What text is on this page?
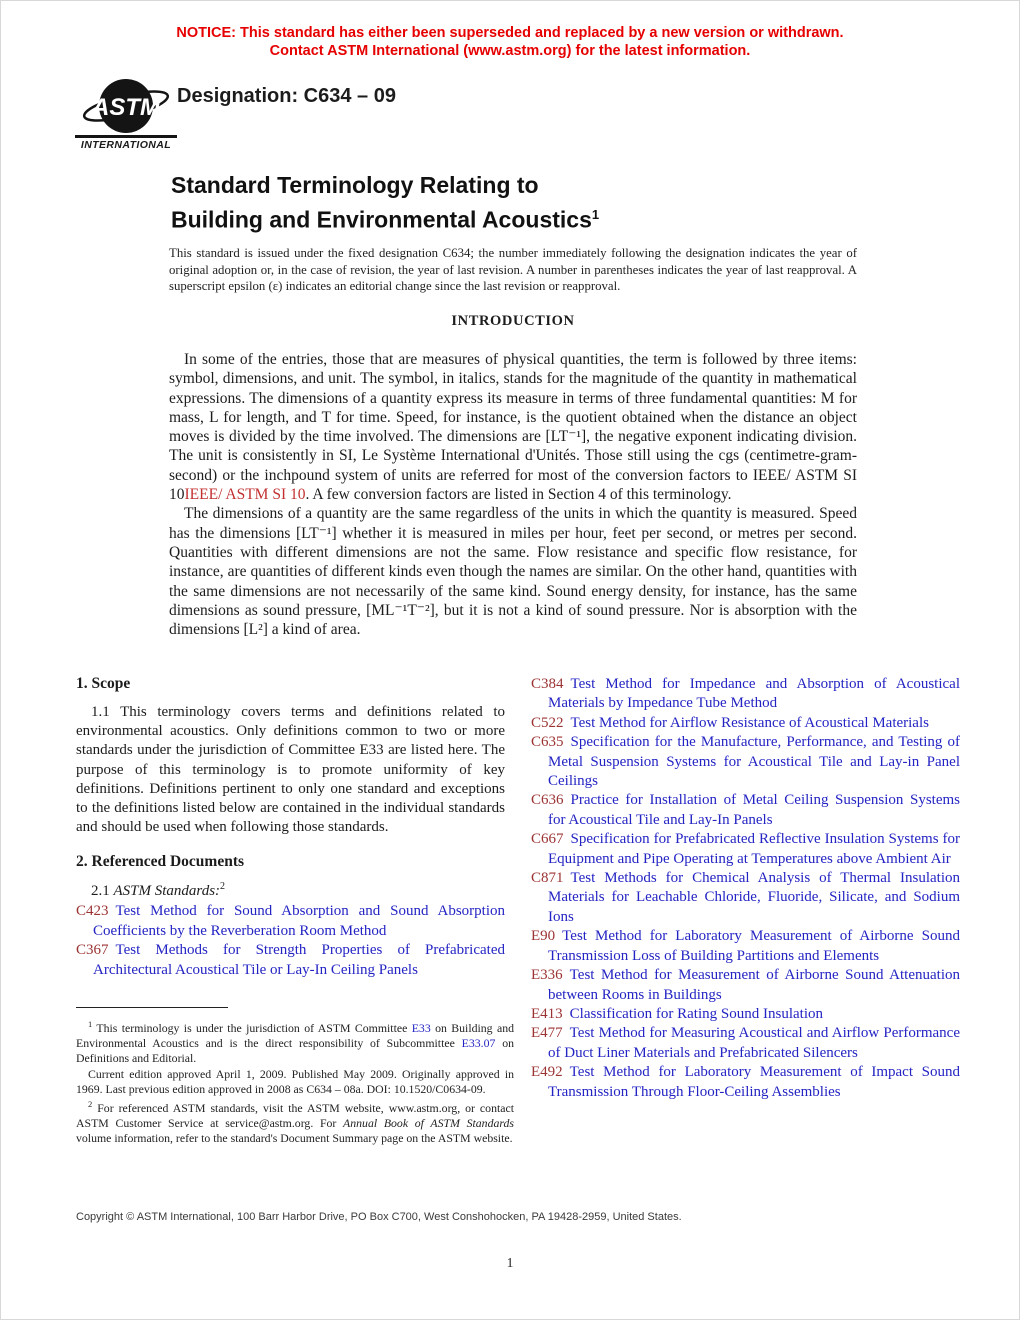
NOTICE: This standard has either been superseded and replaced by a new version or withdrawn.
Contact ASTM International (www.astm.org) for the latest information.
ASTM
INTERNATIONAL
Designation: C634 – 09
Standard Terminology Relating to
Building and Environmental Acoustics$^1$
This standard is issued under the fixed designation C634; the number immediately following the designation indicates the year of original adoption or, in the case of revision, the year of last revision. A number in parentheses indicates the year of last reapproval. A superscript epsilon (ε) indicates an editorial change since the last revision or reapproval.
INTRODUCTION

In some of the entries, those that are measures of physical quantities, the term is followed by three items: symbol, dimensions, and unit. The symbol, in italics, stands for the magnitude of the quantity in mathematical expressions. The dimensions of a quantity express its measure in terms of three fundamental quantities: M for mass, L for length, and T for time. Speed, for instance, is the quotient obtained when the distance an object moves is divided by the time involved. The dimensions are [LT⁻¹], the negative exponent indicating division. The unit is consistently in SI, Le Système International d'Unités. Those still using the cgs (centimetre-gram-second) or the inchpound system of units are referred for most of the conversion factors to IEEE/ ASTM SI 10IEEE/ ASTM SI 10. A few conversion factors are listed in Section 4 of this terminology.

The dimensions of a quantity are the same regardless of the units in which the quantity is measured. Speed has the dimensions [LT⁻¹] whether it is measured in miles per hour, feet per second, or metres per second. Quantities with different dimensions are not the same. Flow resistance and specific flow resistance, for instance, are quantities of different kinds even though the names are similar. On the other hand, quantities with the same dimensions are not necessarily of the same kind. Sound energy density, for instance, has the same dimensions as sound pressure, [ML⁻¹T⁻²], but it is not a kind of sound pressure. Nor is absorption with the dimensions [L²] a kind of area.

1. Scope

1.1 This terminology covers terms and definitions related to environmental acoustics. Only definitions common to two or more standards under the jurisdiction of Committee E33 are listed here. The purpose of this terminology is to promote uniformity of key definitions. Definitions pertinent to only one standard and exceptions to the definitions listed below are contained in the individual standards and should be used when following those standards.

2. Referenced Documents
2.1 ASTM Standards:$^2$
C423 Test Method for Sound Absorption and Sound Absorption Coefficients by the Reverberation Room Method
C367 Test Methods for Strength Properties of Prefabricated Architectural Acoustical Tile or Lay-In Ceiling Panels
C384 Test Method for Impedance and Absorption of Acoustical Materials by Impedance Tube Method
C522 Test Method for Airflow Resistance of Acoustical Materials
C635 Specification for the Manufacture, Performance, and Testing of Metal Suspension Systems for Acoustical Tile and Lay-in Panel Ceilings
C636 Practice for Installation of Metal Ceiling Suspension Systems for Acoustical Tile and Lay-In Panels
C667 Specification for Prefabricated Reflective Insulation Systems for Equipment and Pipe Operating at Temperatures above Ambient Air
C871 Test Methods for Chemical Analysis of Thermal Insulation Materials for Leachable Chloride, Fluoride, Silicate, and Sodium Ions
E90 Test Method for Laboratory Measurement of Airborne Sound Transmission Loss of Building Partitions and Elements
E336 Test Method for Measurement of Airborne Sound Attenuation between Rooms in Buildings
E413 Classification for Rating Sound Insulation
E477 Test Method for Measuring Acoustical and Airflow Performance of Duct Liner Materials and Prefabricated Silencers
E492 Test Method for Laboratory Measurement of Impact Sound Transmission Through Floor-Ceiling Assemblies

$^1$ This terminology is under the jurisdiction of ASTM Committee E33 on Building and Environmental Acoustics and is the direct responsibility of Subcommittee E33.07 on Definitions and Editorial.

Current edition approved April 1, 2009. Published May 2009. Originally approved in 1969. Last previous edition approved in 2008 as C634 – 08a. DOI: 10.1520/C0634-09.

$^2$ For referenced ASTM standards, visit the ASTM website, www.astm.org, or contact ASTM Customer Service at service@astm.org. For Annual Book of ASTM Standards volume information, refer to the standard's Document Summary page on the ASTM website.

Copyright © ASTM International, 100 Barr Harbor Drive, PO Box C700, West Conshohocken, PA 19428-2959, United States.
1
